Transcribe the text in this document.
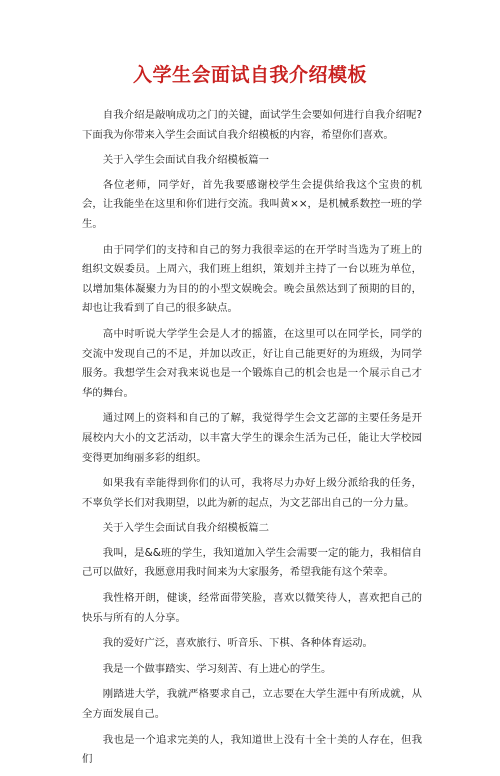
入学生会面试自我介绍模板

自我介绍是敲响成功之门的关键，面试学生会要如何进行自我介绍呢?下面我为你带来入学生会面试自我介绍模板的内容，希望你们喜欢。

关于入学生会面试自我介绍模板篇一

各位老师，同学好，首先我要感谢校学生会提供给我这个宝贵的机会，让我能坐在这里和你们进行交流。我叫黄××，是机械系数控一班的学生。

由于同学们的支持和自己的努力我很幸运的在开学时当选为了班上的组织文娱委员。上周六，我们班上组织，策划并主持了一台以班为单位，以增加集体凝聚力为目的的小型文娱晚会。晚会虽然达到了预期的目的，却也让我看到了自己的很多缺点。

高中时听说大学学生会是人才的摇篮，在这里可以在同学长，同学的交流中发现自己的不足，并加以改正，好让自己能更好的为班级，为同学服务。我想学生会对我来说也是一个锻炼自己的机会也是一个展示自己才华的舞台。

通过网上的资料和自己的了解，我觉得学生会文艺部的主要任务是开展校内大小的文艺活动，以丰富大学生的课余生活为己任，能让大学校园变得更加绚丽多彩的组织。

如果我有幸能得到你们的认可，我将尽力办好上级分派给我的任务，不辜负学长们对我期望，以此为新的起点，为文艺部出自己的一分力量。

关于入学生会面试自我介绍模板篇二

我叫，是&&班的学生，我知道加入学生会需要一定的能力，我相信自己可以做好，我愿意用我时间来为大家服务，希望我能有这个荣幸。

我性格开朗，健谈，经常面带笑脸，喜欢以微笑待人，喜欢把自己的快乐与所有的人分享。

我的爱好广泛，喜欢旅行、听音乐、下棋、各种体育运动。

我是一个做事踏实、学习刻苦、有上进心的学生。

刚踏进大学，我就严格要求自己，立志要在大学生涯中有所成就，从全方面发展自己。

我也是一个追求完美的人，我知道世上没有十全十美的人存在，但我们
